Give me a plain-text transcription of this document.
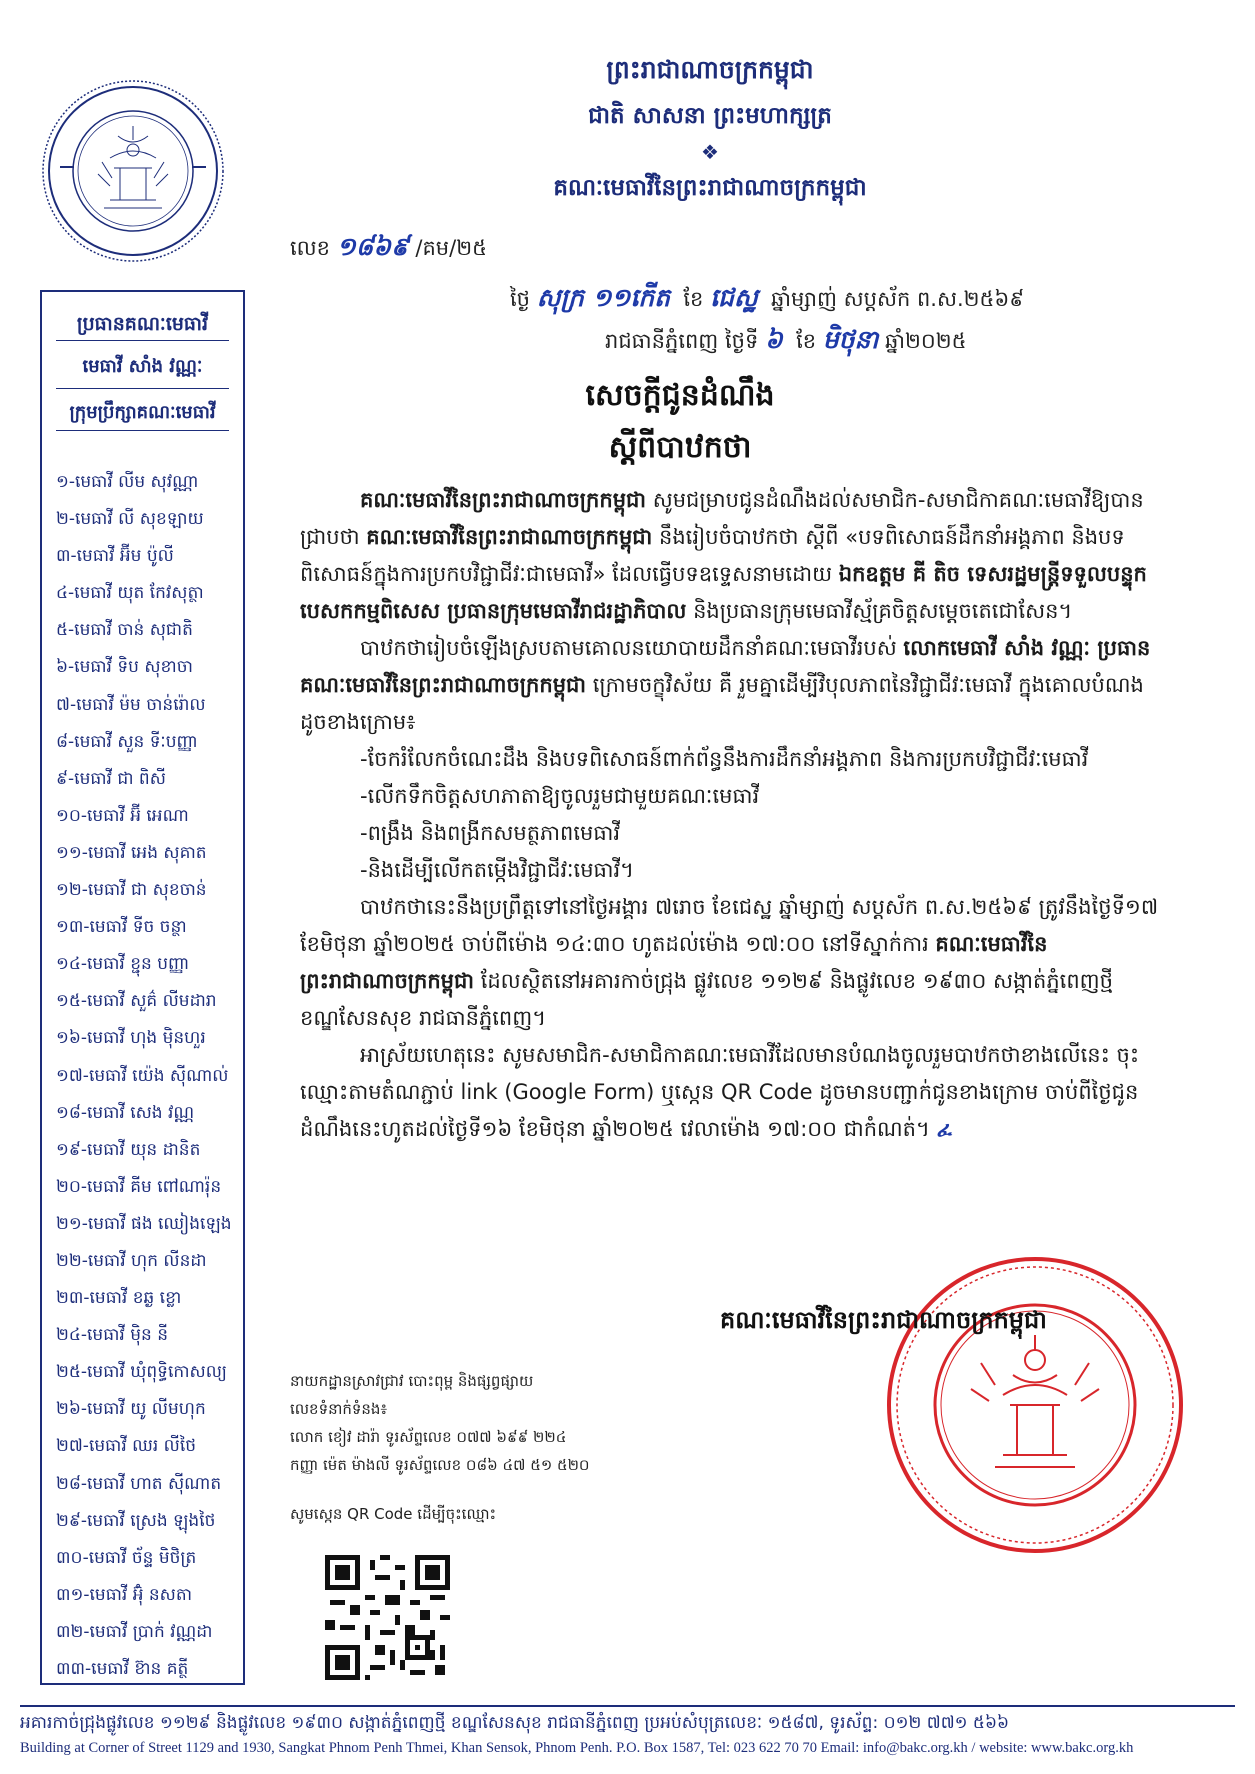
ព្រះរាជាណាចក្រកម្ពុជា
ជាតិ សាសនា ព្រះមហាក្សត្រ
❖
គណៈមេធាវីនៃព្រះរាជាណាចក្រកម្ពុជា
ប្រធានគណៈមេធាវី
មេធាវី សាំង វណ្ណៈ
ក្រុមប្រឹក្សាគណៈមេធាវី
១-មេធាវី លីម សុវណ្ណា
២-មេធាវី លី សុខឡាយ
៣-មេធាវី អ៊ីម ប៉ូលី
៤-មេធាវី យុត កែវសុត្ថា
៥-មេធាវី ចាន់ សុជាតិ
៦-មេធាវី ទិប សុខាចា
៧-មេធាវី ម៉ម ចាន់រ៉ោល
៨-មេធាវី សួន ទីៈបញ្ញា
៩-មេធាវី ជា ពិសី
១០-មេធាវី អ៊ី អេណា
១១-មេធាវី អេង សុគាត
១២-មេធាវី ជា សុខចាន់
១៣-មេធាវី ទីច ចន្ថា
១៤-មេធាវី ខ្ជុន បញ្ញា
១៥-មេធាវី សួគ៌ លីមដារា
១៦-មេធាវី ហុង ម៉ិនហួរ
១៧-មេធាវី យ៉េង ស៊ីណាល់
១៨-មេធាវី សេង វណ្ណ
១៩-មេធាវី យុន ដានិត
២០-មេធាវី គីម ពៅណារ៉ុន
២១-មេធាវី ផង ឈៀងឡេង
២២-មេធាវី ហុក លីនដា
២៣-មេធាវី ខឆ្ង ខ្លោ
២៤-មេធាវី ម៉ិន នី
២៥-មេធាវី ឃុំពុទ្ធិកោសល្យ
២៦-មេធាវី យូ លីមហុក
២៧-មេធាវី ឈរ លីថៃ
២៨-មេធាវី ហាត ស៊ីណាត
២៩-មេធាវី ស្រេង ឡុងថៃ
៣០-មេធាវី ច័ន្ទ មិថិត្រ
៣១-មេធាវី អ៊ុំ នសតា
៣២-មេធាវី ប្រាក់ វណ្ណដា
៣៣-មេធាវី ខ៊ាន គត្ថី
លេខ ១៨៦៩ /គម/២៥
ថ្ងៃ សុក្រ ១១កើត ខែ ជេស្ឋ ឆ្នាំម្សាញ់ សប្តស័ក ព.ស.២៥៦៩
រាជធានីភ្នំពេញ ថ្ងៃទី ៦ ខែ មិថុនា ឆ្នាំ២០២៥
សេចក្តីជូនដំណឹង
ស្តីពីបាឋកថា

គណៈមេធាវីនៃព្រះរាជាណាចក្រកម្ពុជា សូមជម្រាបជូនដំណឹងដល់សមាជិក-សមាជិកាគណៈមេធាវីឱ្យបានជ្រាបថា គណៈមេធាវីនៃព្រះរាជាណាចក្រកម្ពុជា នឹងរៀបចំបាឋកថា ស្តីពី «បទពិសោធន៍ដឹកនាំអង្គភាព និងបទពិសោធន៍ក្នុងការប្រកបវិជ្ជាជីវៈជាមេធាវី» ដែលធ្វើបទឧទ្ទេសនាមដោយ ឯកឧត្តម គី តិច ទេសរដ្ឋមន្ត្រីទទួលបន្ទុកបេសកកម្មពិសេស ប្រធានក្រុមមេធាវីរាជរដ្ឋាភិបាល និងប្រធានក្រុមមេធាវីស្ម័គ្រចិត្តសម្តេចតេជោសែន។

បាឋកថារៀបចំឡើងស្របតាមគោលនយោបាយដឹកនាំគណៈមេធាវីរបស់ លោកមេធាវី សាំង វណ្ណៈ ប្រធានគណៈមេធាវីនៃព្រះរាជាណាចក្រកម្ពុជា ក្រោមចក្ខុវិស័យ គឺ រួមគ្នាដើម្បីវិបុលភាពនៃវិជ្ជាជីវៈមេធាវី ក្នុងគោលបំណងដូចខាងក្រោម៖

-ចែករំលែកចំណេះដឹង និងបទពិសោធន៍ពាក់ព័ន្ធនឹងការដឹកនាំអង្គភាព និងការប្រកបវិជ្ជាជីវៈមេធាវី
-លើកទឹកចិត្តសហភាតាឱ្យចូលរួមជាមួយគណៈមេធាវី
-ពង្រឹង និងពង្រីកសមត្ថភាពមេធាវី
-និងដើម្បីលើកតម្កើងវិជ្ជាជីវៈមេធាវី។

បាឋកថានេះនឹងប្រព្រឹត្តទៅនៅថ្ងៃអង្គារ ៧រោច ខែជេស្ឋ ឆ្នាំម្សាញ់ សប្តស័ក ព.ស.២៥៦៩ ត្រូវនឹងថ្ងៃទី១៧ ខែមិថុនា ឆ្នាំ២០២៥ ចាប់ពីម៉ោង ១៤:៣០ ហូតដល់ម៉ោង ១៧:០០ នៅទីស្នាក់ការ គណៈមេធាវីនៃព្រះរាជាណាចក្រកម្ពុជា ដែលស្ថិតនៅអគារកាច់ជ្រុង ផ្លូវលេខ ១១២៩ និងផ្លូវលេខ ១៩៣០ សង្កាត់ភ្នំពេញថ្មី ខណ្ឌសែនសុខ រាជធានីភ្នំពេញ។

អាស្រ័យហេតុនេះ សូមសមាជិក-សមាជិកាគណៈមេធាវីដែលមានបំណងចូលរួមបាឋកថាខាងលើនេះ ចុះឈ្មោះតាមតំណភ្ជាប់ link (Google Form) ឬស្កេន QR Code ដូចមានបញ្ជាក់ជូនខាងក្រោម ចាប់ពីថ្ងៃជូនដំណឹងនេះហូតដល់ថ្ងៃទី១៦ ខែមិថុនា ឆ្នាំ២០២៥ វេលាម៉ោង ១៧:០០ ជាកំណត់។ ፈ

គណៈមេធាវីនៃព្រះរាជាណាចក្រកម្ពុជា
នាយកដ្ឋានស្រាវជ្រាវ បោះពុម្ព និងផ្សព្វផ្សាយ
លេខទំនាក់ទំនង៖
លោក ខៀវ ដារ៉ា ទូរស័ព្ទលេខ ០៧៧ ៦៩៩ ២២៤
កញ្ញា ម៉េត ម៉ាងលី ទូរស័ព្ទលេខ ០៨៦ ៤៧ ៥១ ៥២០
សូមស្កេន QR Code ដើម្បីចុះឈ្មោះ
អគារកាច់ជ្រុងផ្លូវលេខ ១១២៩ និងផ្លូវលេខ ១៩៣០ សង្កាត់ភ្នំពេញថ្មី ខណ្ឌសែនសុខ រាជធានីភ្នំពេញ ប្រអប់សំបុត្រលេខៈ ១៥៨៧, ទូរស័ព្ទ: ០១២ ៧៧១ ៥៦៦
Building at Corner of Street 1129 and 1930, Sangkat Phnom Penh Thmei, Khan Sensok, Phnom Penh. P.O. Box 1587, Tel: 023 622 70 70 Email: info@bakc.org.kh / website: www.bakc.org.kh
